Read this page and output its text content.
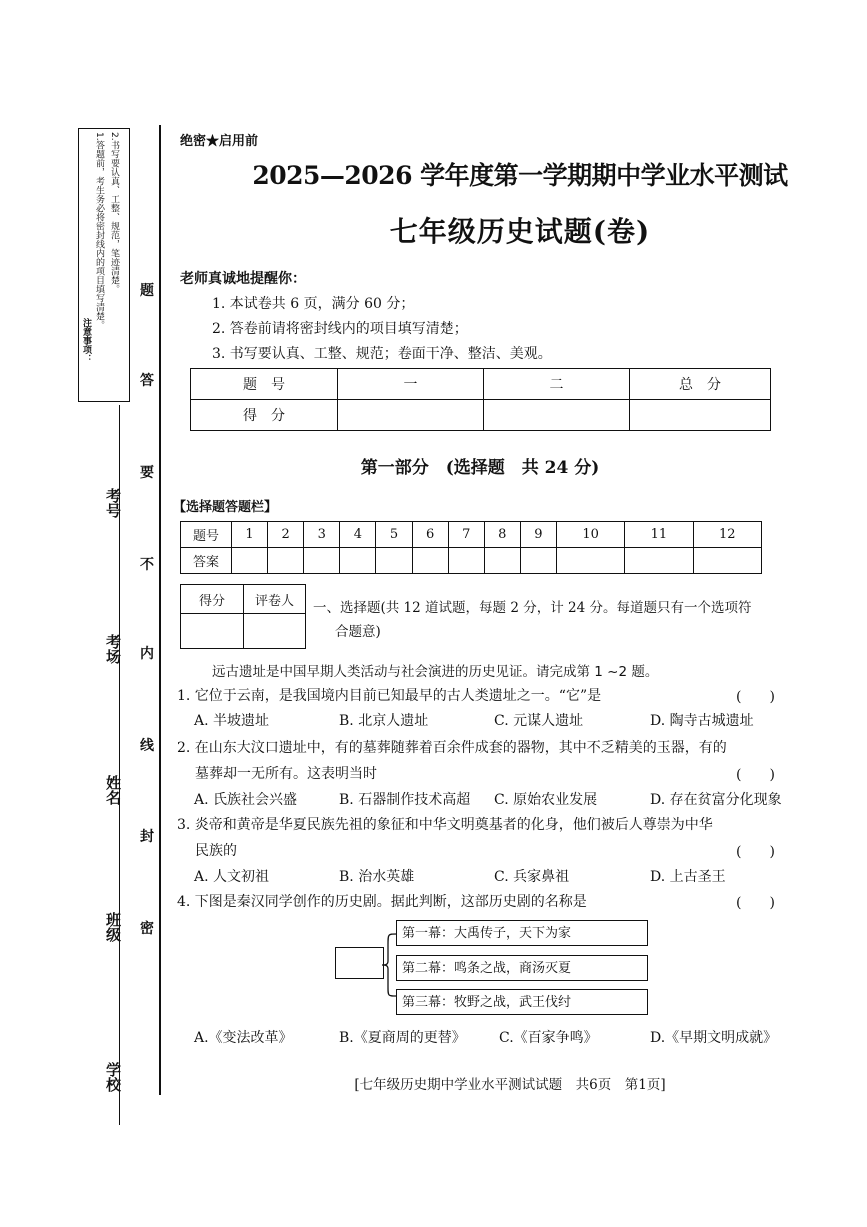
注意事项：
1.答题前，考生务必将密封线内的项目填写清楚。 2.书写要认真、工整、规范，笔迹清楚。
考号
考场
姓名
班级
学校
题
答
要
不
内
线
封
密
绝密★启用前
2025—2026 学年度第一学期期中学业水平测试
七年级历史试题(卷)
老师真诚地提醒你：
1. 本试卷共 6 页，满分 60 分；
2. 答卷前请将密封线内的项目填写清楚；
3. 书写要认真、工整、规范；卷面干净、整洁、美观。
题　号	一	二	总　分
得　分			
第一部分　(选择题　共 24 分)
【选择题答题栏】
题号	1	2	3	4	5	6	7	8	9	10	11	12
答案												
得分	评卷人
	一、选择题(共 12 道试题，每题 2 分，计 24 分。每道题只有一个选项符
合题意)
远古遗址是中国早期人类活动与社会演进的历史见证。请完成第 1 ~2 题。
1. 它位于云南，是我国境内目前已知最早的古人类遗址之一。“它”是	(　　)
A. 半坡遗址	B. 北京人遗址	C. 元谋人遗址	D. 陶寺古城遗址
2. 在山东大汶口遗址中，有的墓葬随葬着百余件成套的器物，其中不乏精美的玉器，有的
墓葬却一无所有。这表明当时	(　　)
A. 氏族社会兴盛	B. 石器制作技术高超 C. 原始农业发展	D. 存在贫富分化现象
3. 炎帝和黄帝是华夏民族先祖的象征和中华文明奠基者的化身，他们被后人尊崇为中华
民族的	(　　)
A. 人文初祖	B. 治水英雄	C. 兵家鼻祖	D. 上古圣王
4. 下图是秦汉同学创作的历史剧。据此判断，这部历史剧的名称是	(　　)
第一幕：大禹传子，天下为家
第二幕：鸣条之战，商汤灭夏
第三幕：牧野之战，武王伐纣
A.《变法改革》	B.《夏商周的更替》 C.《百家争鸣》	D.《早期文明成就》
[七年级历史期中学业水平测试试题　共6页　第1页]
